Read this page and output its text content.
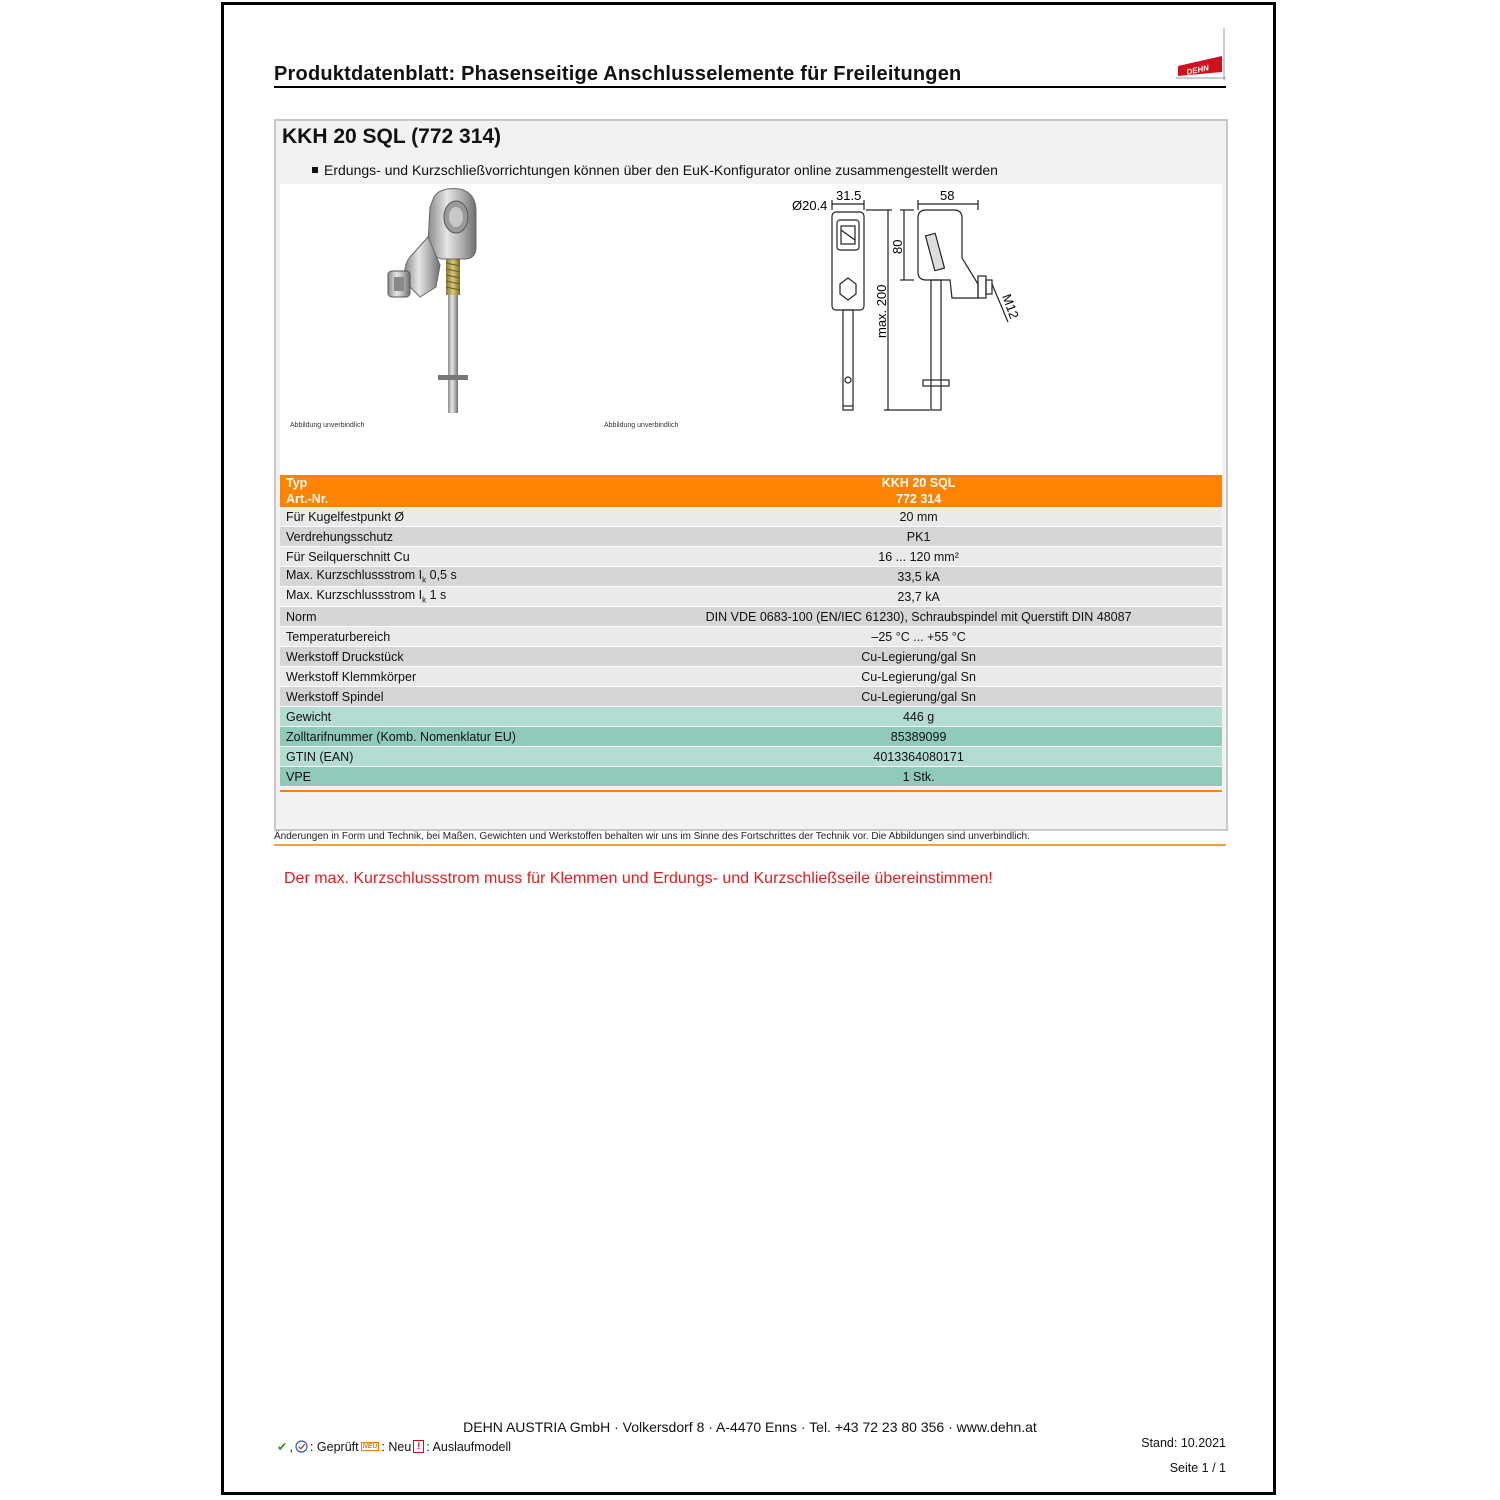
Produktdatenblatt: Phasenseitige Anschlusselemente für Freileitungen	DEHN
KKH 20 SQL (772 314)
Erdungs- und Kurzschließvorrichtungen können über den EuK-Konfigurator online zusammengestellt werden
Abbildung unverbindlich
Ø20.4
31.5	58
80
max. 200	M12
Abbildung unverbindlich
Typ	KKH 20 SQL
Art.-Nr.	772 314
Für Kugelfestpunkt Ø	20 mm
Verdrehungsschutz	PK1
Für Seilquerschnitt Cu	16 ... 120 mm²
Max. Kurzschlussstrom $I_k$ 0,5 s	33,5 kA
Max. Kurzschlussstrom $I_k$ 1 s	23,7 kA
Norm	DIN VDE 0683-100 (EN/IEC 61230), Schraubspindel mit Querstift DIN 48087
Temperaturbereich	–25 °C ... +55 °C
Werkstoff Druckstück	Cu-Legierung/gal Sn
Werkstoff Klemmkörper	Cu-Legierung/gal Sn
Werkstoff Spindel	Cu-Legierung/gal Sn
Gewicht	446 g
Zolltarifnummer (Komb. Nomenklatur EU)	85389099
GTIN (EAN)	4013364080171
VPE	1 Stk.
Änderungen in Form und Technik, bei Maßen, Gewichten und Werkstoffen behalten wir uns im Sinne des Fortschrittes der Technik vor. Die Abbildungen sind unverbindlich.
Der max. Kurzschlussstrom muss für Klemmen und Erdungs- und Kurzschließseile übereinstimmen!
DEHN AUSTRIA GmbH · Volkersdorf 8 · A-4470 Enns · Tel. +43 72 23 80 356 · www.dehn.at
✔ , : Geprüft NEU : Neu ! : Auslaufmodell	Stand: 10.2021
Seite 1 / 1
